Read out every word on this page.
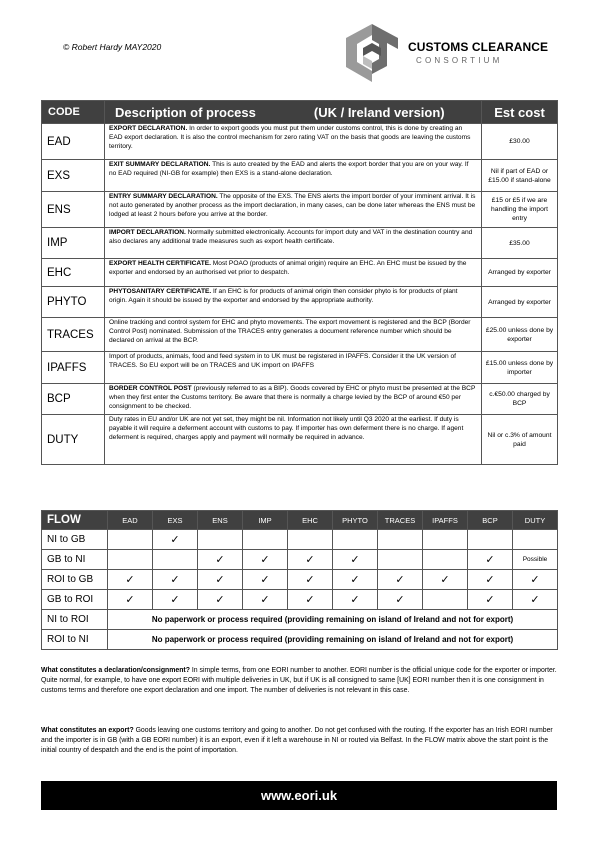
© Robert Hardy MAY2020	CUSTOMS CLEARANCE
CONSORTIUM
CODE	Description of process (UK / Ireland version)	Est cost
EAD	EXPORT DECLARATION. In order to export goods you must put them under customs control, this is done by creating an EAD export declaration. It is also the control mechanism for zero rating VAT on the basis that goods are leaving the customs territory.	£30.00
EXS	EXIT SUMMARY DECLARATION. This is auto created by the EAD and alerts the export border that you are on your way. If no EAD required (NI-GB for example) then EXS is a stand-alone declaration.	Nil if part of EAD or £15.00 if stand-alone
ENS	ENTRY SUMMARY DECLARATION. The opposite of the EXS. The ENS alerts the import border of your imminent arrival. It is not auto generated by another process as the import declaration, in many cases, can be done later whereas the ENS must be lodged at least 2 hours before you arrive at the border.	£15 or £5 if we are handling the import entry
IMP	IMPORT DECLARATION. Normally submitted electronically. Accounts for import duty and VAT in the destination country and also declares any additional trade measures such as export health certificate.	£35.00
EHC	EXPORT HEALTH CERTIFICATE. Most POAO (products of animal origin) require an EHC. An EHC must be issued by the exporter and endorsed by an authorised vet prior to despatch.	Arranged by exporter
PHYTO	PHYTOSANITARY CERTIFICATE. If an EHC is for products of animal origin then consider phyto is for products of plant origin. Again it should be issued by the exporter and endorsed by the appropriate authority.	Arranged by exporter
TRACES	Online tracking and control system for EHC and phyto movements. The export movement is registered and the BCP (Border Control Post) nominated. Submission of the TRACES entry generates a document reference number which should be declared on arrival at the BCP.	£25.00 unless done by exporter
IPAFFS	Import of products, animals, food and feed system in to UK must be registered in IPAFFS. Consider it the UK version of TRACES. So EU export will be on TRACES and UK import on IPAFFS	£15.00 unless done by importer
BCP	BORDER CONTROL POST (previously referred to as a BIP). Goods covered by EHC or phyto must be presented at the BCP when they first enter the Customs territory. Be aware that there is normally a charge levied by the BCP of around €50 per consignment to be checked.	c.€50.00 charged by BCP
DUTY	Duty rates in EU and/or UK are not yet set, they might be nil. Information not likely until Q3 2020 at the earliest. If duty is payable it will require a deferment account with customs to pay. If importer has own deferment there is no charge. If agent deferment is required, charges apply and payment will normally be required in advance.	Nil or c.3% of amount paid
FLOW	EAD	EXS	ENS	IMP	EHC	PHYTO	TRACES	IPAFFS	BCP	DUTY
NI to GB		✓								
GB to NI			✓	✓	✓	✓			✓	Possible
ROI to GB	✓	✓	✓	✓	✓	✓	✓	✓	✓	✓
GB to ROI	✓	✓	✓	✓	✓	✓	✓		✓	✓
NI to ROI	No paperwork or process required (providing remaining on island of Ireland and not for export)									
ROI to NI	No paperwork or process required (providing remaining on island of Ireland and not for export)									
What constitutes a declaration/consignment? In simple terms, from one EORI number to another. EORI number is the official unique code for the exporter or importer. Quite normal, for example, to have one export EORI with multiple deliveries in UK, but if UK is all consigned to same [UK] EORI number then it is one consignment in customs terms and therefore one export declaration and one import. The number of deliveries is not relevant in this case.
What constitutes an export? Goods leaving one customs territory and going to another. Do not get confused with the routing. If the exporter has an Irish EORI number and the importer is in GB (with a GB EORI number) it is an export, even if it left a warehouse in NI or routed via Belfast. In the FLOW matrix above the start point is the initial country of despatch and the end is the point of importation.
www.eori.uk
